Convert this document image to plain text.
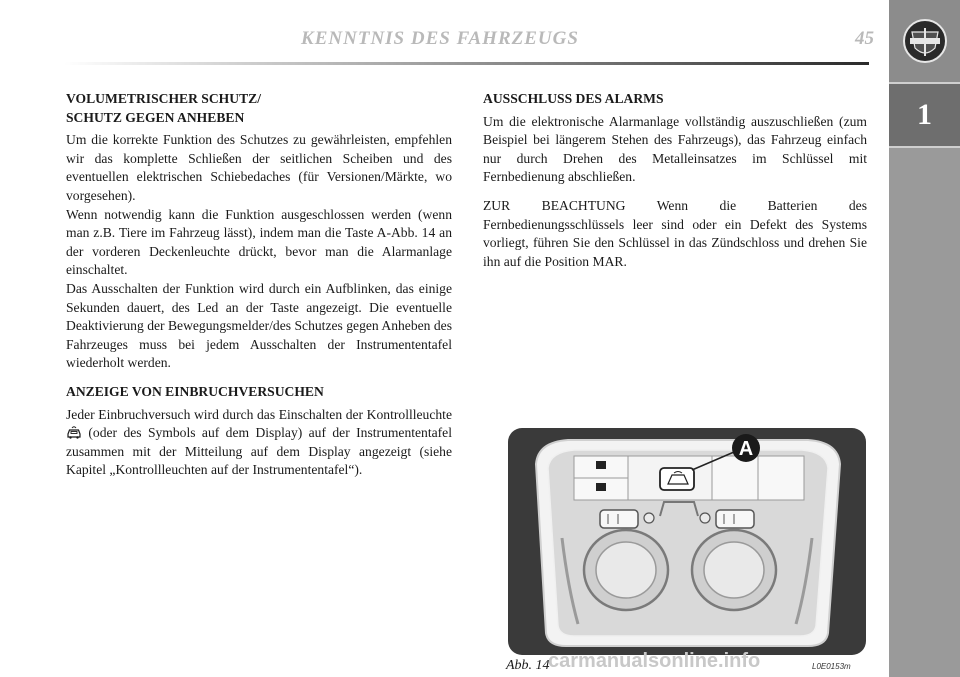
KENNTNIS DES FAHRZEUGS	45
1
VOLUMETRISCHER SCHUTZ/
SCHUTZ GEGEN ANHEBEN

Um die korrekte Funktion des Schutzes zu gewährleisten, empfehlen wir das komplette Schließen der seitlichen Scheiben und des eventuellen elektrischen Schiebedaches (für Versionen/Märkte, wo vorgesehen).

Wenn notwendig kann die Funktion ausgeschlossen werden (wenn man z.B. Tiere im Fahrzeug lässt), indem man die Taste A-Abb. 14 an der vorderen Deckenleuchte drückt, bevor man die Alarmanlage einschaltet.

Das Ausschalten der Funktion wird durch ein Aufblinken, das einige Sekunden dauert, des Led an der Taste angezeigt. Die eventuelle Deaktivierung der Bewegungsmelder/des Schutzes gegen Anheben des Fahrzeuges muss bei jedem Ausschalten der Instrumententafel wiederholt werden.

ANZEIGE VON EINBRUCHVERSUCHEN

Jeder Einbruchversuch wird durch das Einschalten der Kontrollleuchte  (oder des Symbols auf dem Display) auf der Instrumententafel zusammen mit der Mitteilung auf dem Display angezeigt (siehe Kapitel „Kontrollleuchten auf der Instrumententafel“).

AUSSCHLUSS DES ALARMS

Um die elektronische Alarmanlage vollständig auszuschließen (zum Beispiel bei längerem Stehen des Fahrzeugs), das Fahrzeug einfach nur durch Drehen des Metalleinsatzes im Schlüssel mit Fernbedienung abschließen.

ZUR BEACHTUNG Wenn die Batterien des Fernbedienungsschlüssels leer sind oder ein Defekt des Systems vorliegt, führen Sie den Schlüssel in das Zündschloss und drehen Sie ihn auf die Position MAR.

A
Abb. 14	L0E0153m
carmanualsonline.info
